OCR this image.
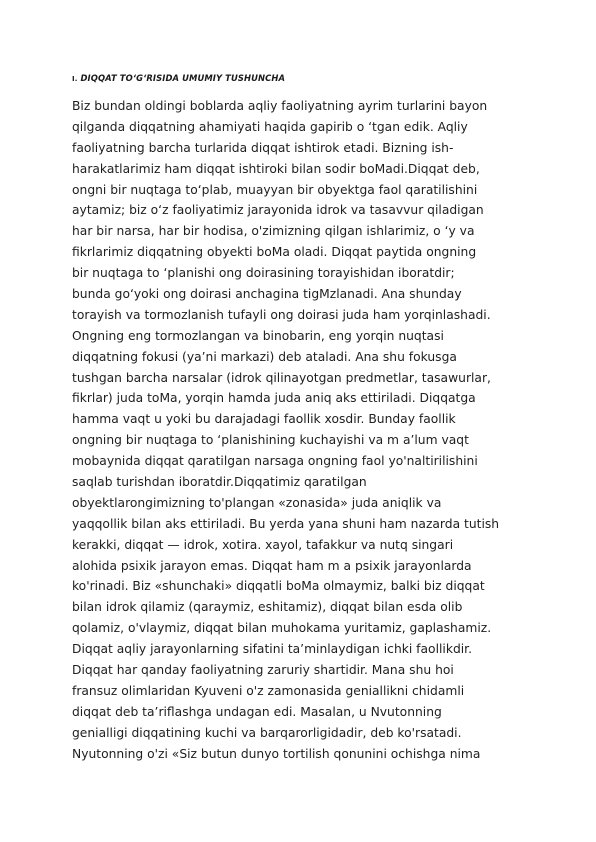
I. DIQQAT TO‘G‘RISIDA UMUMIY TUSHUNCHA
Biz bundan oldingi boblarda aqliy faoliyatning ayrim turlarini bayon
qilganda diqqatning ahamiyati haqida gapirib o ‘tgan edik. Aqliy
faoliyatning barcha turlarida diqqat ishtirok etadi. Bizning ish-
harakatlarimiz ham diqqat ishtiroki bilan sodir boMadi.Diqqat deb,
ongni bir nuqtaga to‘plab, muayyan bir obyektga faol qaratilishini
aytamiz; biz o‘z faoliyatimiz jarayonida idrok va tasavvur qiladigan
har bir narsa, har bir hodisa, o'zimizning qilgan ishlarimiz, o ‘y va
fikrlarimiz diqqatning obyekti boMa oladi. Diqqat paytida ongning
bir nuqtaga to ‘planishi ong doirasining torayishidan iboratdir;
bunda go‘yoki ong doirasi anchagina tigMzlanadi. Ana shunday
torayish va tormozlanish tufayli ong doirasi juda ham yorqinlashadi.
Ongning eng tormozlangan va binobarin, eng yorqin nuqtasi
diqqatning fokusi (ya’ni markazi) deb ataladi. Ana shu fokusga
tushgan barcha narsalar (idrok qilinayotgan predmetlar, tasawurlar,
fikrlar) juda toMa, yorqin hamda juda aniq aks ettiriladi. Diqqatga
hamma vaqt u yoki bu darajadagi faollik xosdir. Bunday faollik
ongning bir nuqtaga to ‘planishining kuchayishi va m a’lum vaqt
mobaynida diqqat qaratilgan narsaga ongning faol yo'naltirilishini
saqlab turishdan iboratdir.Diqqatimiz qaratilgan
obyektlarongimizning to'plangan «zonasida» juda aniqlik va
yaqqollik bilan aks ettiriladi. Bu yerda yana shuni ham nazarda tutish
kerakki, diqqat — idrok, xotira. xayol, tafakkur va nutq singari
alohida psixik jarayon emas. Diqqat ham m a psixik jarayonlarda
ko'rinadi. Biz «shunchaki» diqqatli boMa olmaymiz, balki biz diqqat
bilan idrok qilamiz (qaraymiz, eshitamiz), diqqat bilan esda olib
qolamiz, o'vlaymiz, diqqat bilan muhokama yuritamiz, gaplashamiz.
Diqqat aqliy jarayonlarning sifatini ta’minlaydigan ichki faollikdir.
Diqqat har qanday faoliyatning zaruriy shartidir. Mana shu hoi
fransuz olimlaridan Kyuveni o'z zamonasida geniallikni chidamli
diqqat deb ta’riflashga undagan edi. Masalan, u Nvutonning
genialligi diqqatining kuchi va barqarorligidadir, deb ko'rsatadi.
Nyutonning o'zi «Siz butun dunyo tortilish qonunini ochishga nima
